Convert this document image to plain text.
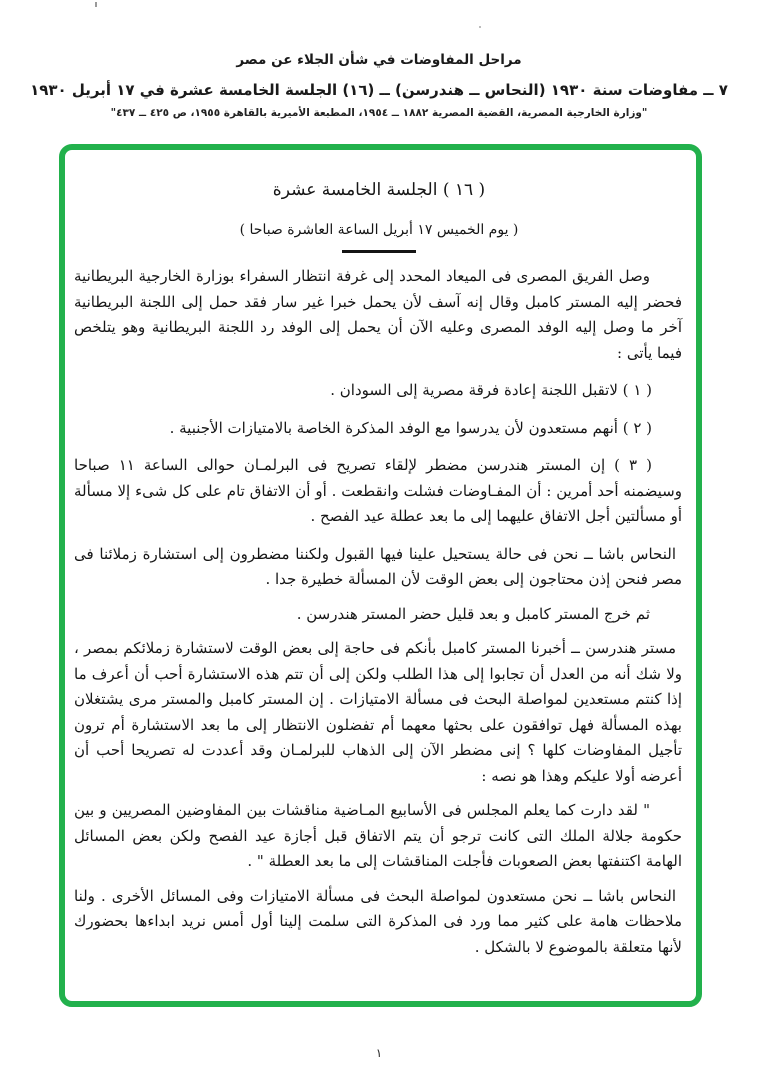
مراحل المفاوضات في شأن الجلاء عن مصر
٧ ــ مفاوضات سنة ١٩٣٠ (النحاس ــ هندرسن) ــ (١٦) الجلسة الخامسة عشرة في ١٧ أبريل ١٩٣٠
"وزارة الخارجية المصرية، القضية المصرية ١٨٨٢ ــ ١٩٥٤، المطبعة الأميرية بالقاهرة ١٩٥٥، ص ٤٢٥ ــ ٤٣٧"
( ١٦ ) الجلسة الخامسة عشرة
( يوم الخميس ١٧ أبريل الساعة العاشرة صباحا )

وصل الفريق المصرى فى الميعاد المحدد إلى غرفة انتظار السفراء بوزارة الخارجية البريطانية فحضر إليه المستر كامبل وقال إنه آسف لأن يحمل خبرا غير سار فقد حمل إلى اللجنة البريطانية آخر ما وصل إليه الوفد المصرى وعليه الآن أن يحمل إلى الوفد رد اللجنة البريطانية وهو يتلخص فيما يأتى :

( ١ ) لاتقبل اللجنة إعادة فرقة مصرية إلى السودان .

( ٢ ) أنهم مستعدون لأن يدرسوا مع الوفد المذكرة الخاصة بالامتيازات الأجنبية .

( ٣ ) إن المستر هندرسن مضطر لإلقاء تصريح فى البرلمـان حوالى الساعة ١١ صباحا وسيضمنه أحد أمرين : أن المفـاوضات فشلت وانقطعت . أو أن الاتفاق تام على كل شىء إلا مسألة أو مسألتين أجل الاتفاق عليهما إلى ما بعد عطلة عيد الفصح .

النحاس باشا ــ نحن فى حالة يستحيل علينا فيها القبول ولكننا مضطرون إلى استشارة زملائنا فى مصر فنحن إذن محتاجون إلى بعض الوقت لأن المسألة خطيرة جدا .

ثم خرج المستر كامبل و بعد قليل حضر المستر هندرسن .

مستر هندرسن ــ أخبرنا المستر كامبل بأنكم فى حاجة إلى بعض الوقت لاستشارة زملائكم بمصر ، ولا شك أنه من العدل أن تجابوا إلى هذا الطلب ولكن إلى أن تتم هذه الاستشارة أحب أن أعرف ما إذا كنتم مستعدين لمواصلة البحث فى مسألة الامتيازات . إن المستر كامبل والمستر مرى يشتغلان بهذه المسألة فهل توافقون على بحثها معهما أم تفضلون الانتظار إلى ما بعد الاستشارة أم ترون تأجيل المفاوضات كلها ؟ إنى مضطر الآن إلى الذهاب للبرلمـان وقد أعددت له تصريحا أحب أن أعرضه أولا عليكم وهذا هو نصه :

" لقد دارت كما يعلم المجلس فى الأسابيع المـاضية مناقشات بين المفاوضين المصريين و بين حكومة جلالة الملك التى كانت ترجو أن يتم الاتفاق قبل أجازة عيد الفصح ولكن بعض المسائل الهامة اكتنفتها بعض الصعوبات فأجلت المناقشات إلى ما بعد العطلة " .

النحاس باشا ــ نحن مستعدون لمواصلة البحث فى مسألة الامتيازات وفى المسائل الأخرى . ولنا ملاحظات هامة على كثير مما ورد فى المذكرة التى سلمت إلينا أول أمس نريد ابداءها بحضورك لأنها متعلقة بالموضوع لا بالشكل .

١
